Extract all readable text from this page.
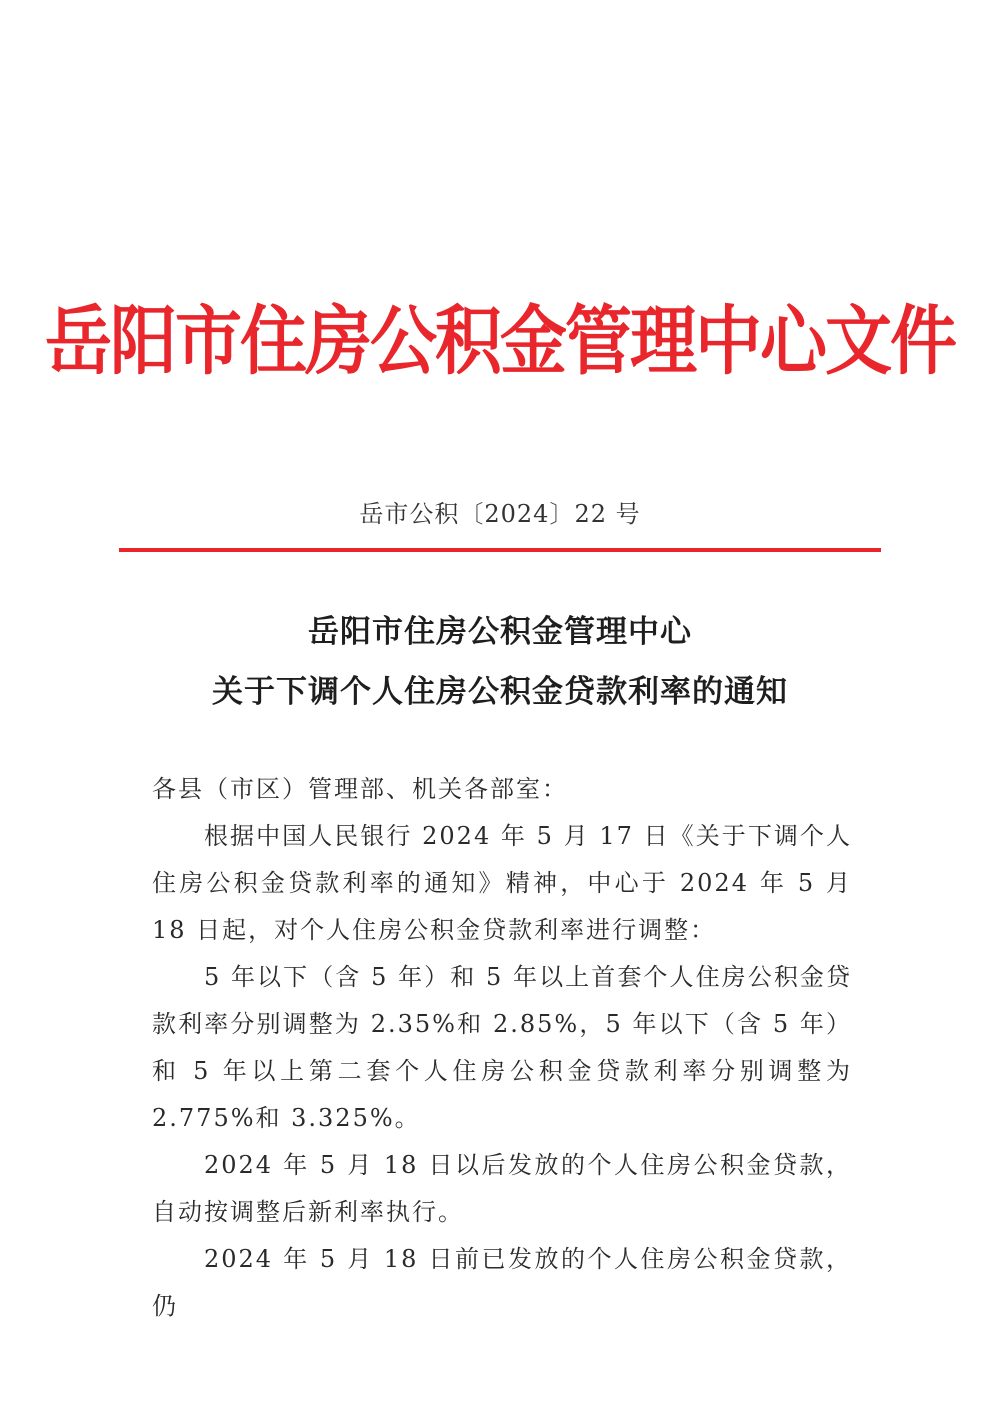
岳阳市住房公积金管理中心文件
岳市公积〔2024〕22 号
岳阳市住房公积金管理中心
关于下调个人住房公积金贷款利率的通知

各县（市区）管理部、机关各部室：

根据中国人民银行 2024 年 5 月 17 日《关于下调个人住房公积金贷款利率的通知》精神，中心于 2024 年 5 月 18 日起，对个人住房公积金贷款利率进行调整：

5 年以下（含 5 年）和 5 年以上首套个人住房公积金贷款利率分别调整为 2.35%和 2.85%，5 年以下（含 5 年）和 5 年以上第二套个人住房公积金贷款利率分别调整为 2.775%和 3.325%。

2024 年 5 月 18 日以后发放的个人住房公积金贷款，自动按调整后新利率执行。

2024 年 5 月 18 日前已发放的个人住房公积金贷款，仍
